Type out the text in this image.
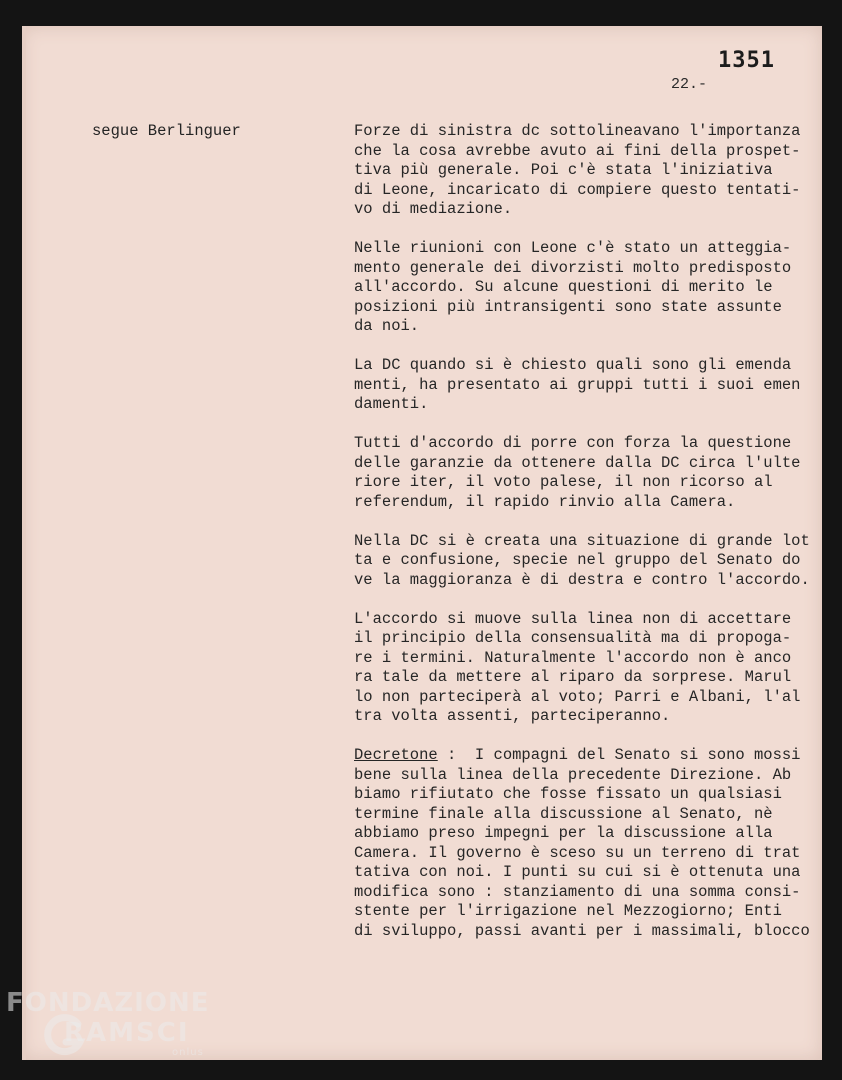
1351
22.-
segue Berlinguer	Forze di sinistra dc sottolineavano l'importanza
che la cosa avrebbe avuto ai fini della prospet-
tiva più generale. Poi c'è stata l'iniziativa
di Leone, incaricato di compiere questo tentati-
vo di mediazione.
Nelle riunioni con Leone c'è stato un atteggia-
mento generale dei divorzisti molto predisposto
all'accordo. Su alcune questioni di merito le
posizioni più intransigenti sono state assunte
da noi.
La DC quando si è chiesto quali sono gli emenda
menti, ha presentato ai gruppi tutti i suoi emen
damenti.
Tutti d'accordo di porre con forza la questione
delle garanzie da ottenere dalla DC circa l'ulte
riore iter, il voto palese, il non ricorso al
referendum, il rapido rinvio alla Camera.
Nella DC si è creata una situazione di grande lot
ta e confusione, specie nel gruppo del Senato do
ve la maggioranza è di destra e contro l'accordo.
L'accordo si muove sulla linea non di accettare
il principio della consensualità ma di propoga-
re i termini. Naturalmente l'accordo non è anco
ra tale da mettere al riparo da sorprese. Marul
lo non parteciperà al voto; Parri e Albani, l'al
tra volta assenti, parteciperanno.
Decretone :  I compagni del Senato si sono mossi
bene sulla linea della precedente Direzione. Ab
biamo rifiutato che fosse fissato un qualsiasi
termine finale alla discussione al Senato, nè
abbiamo preso impegni per la discussione alla
Camera. Il governo è sceso su un terreno di trat
tativa con noi. I punti su cui si è ottenuta una
modifica sono : stanziamento di una somma consi-
stente per l'irrigazione nel Mezzogiorno; Enti
di sviluppo, passi avanti per i massimali, blocco
FONDAZIONE
RAMSCI
onlus
